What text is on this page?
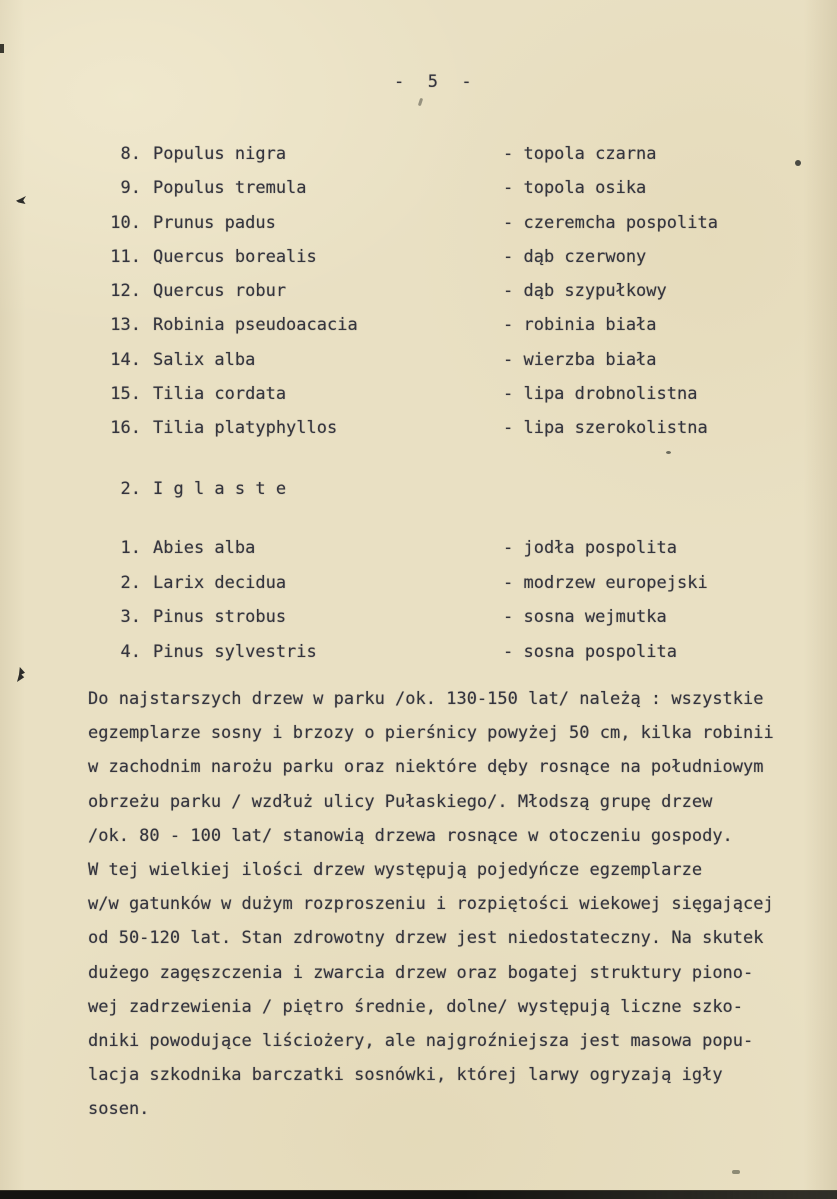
-  5  -
8. Populus nigra	- topola czarna
9. Populus tremula	- topola osika
10. Prunus padus	- czeremcha pospolita
11. Quercus borealis	- dąb czerwony
12. Quercus robur	- dąb szypułkowy
13. Robinia pseudoacacia	- robinia biała
14. Salix alba	- wierzba biała
15. Tilia cordata	- lipa drobnolistna
16. Tilia platyphyllos	- lipa szerokolistna
2. I g l a s t e
1. Abies alba	- jodła pospolita
2. Larix decidua	- modrzew europejski
3. Pinus strobus	- sosna wejmutka
4. Pinus sylvestris	- sosna pospolita
Do najstarszych drzew w parku /ok. 130-150 lat/ należą : wszystkie
egzemplarze sosny i brzozy o pierśnicy powyżej 50 cm, kilka robinii
w zachodnim narożu parku oraz niektóre dęby rosnące na południowym
obrzeżu parku / wzdłuż ulicy Pułaskiego/. Młodszą grupę drzew
/ok. 80 - 100 lat/ stanowią drzewa rosnące w otoczeniu gospody.
W tej wielkiej ilości drzew występują pojedyńcze egzemplarze
w/w gatunków w dużym rozproszeniu i rozpiętości wiekowej sięgającej
od 50-120 lat. Stan zdrowotny drzew jest niedostateczny. Na skutek
dużego zagęszczenia i zwarcia drzew oraz bogatej struktury piono-
wej zadrzewienia / piętro średnie, dolne/ występują liczne szko-
dniki powodujące liściożery, ale najgroźniejsza jest masowa popu-
lacja szkodnika barczatki sosnówki, której larwy ogryzają igły
sosen.
